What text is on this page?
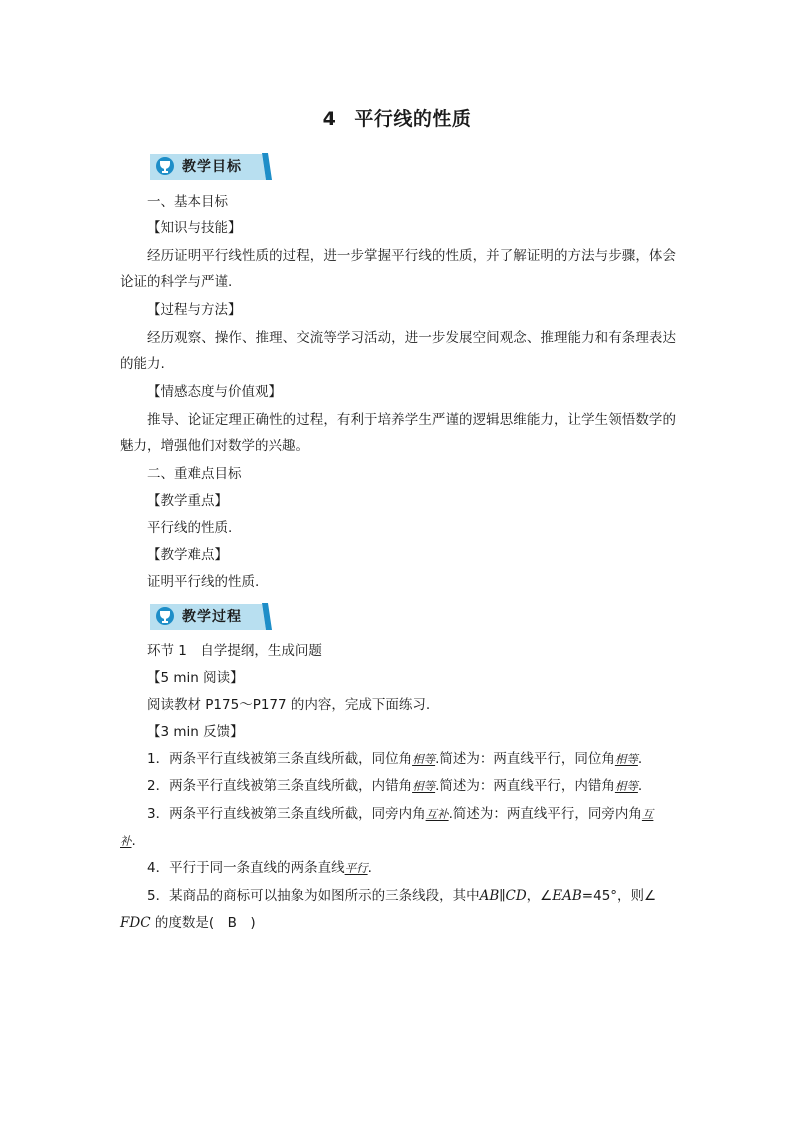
4 平行线的性质
教学目标
一、基本目标
【知识与技能】
经历证明平行线性质的过程，进一步掌握平行线的性质，并了解证明的方法与步骤，体会论证的科学与严谨.
【过程与方法】
经历观察、操作、推理、交流等学习活动，进一步发展空间观念、推理能力和有条理表达的能力.
【情感态度与价值观】
推导、论证定理正确性的过程，有利于培养学生严谨的逻辑思维能力，让学生领悟数学的魅力，增强他们对数学的兴趣。
二、重难点目标
【教学重点】
平行线的性质.
【教学难点】
证明平行线的性质.
教学过程
环节 1　自学提纲，生成问题
【5 min 阅读】
阅读教材 P175～P177 的内容，完成下面练习.
【3 min 反馈】
1．两条平行直线被第三条直线所截，同位角相等.简述为：两直线平行，同位角相等.
2．两条平行直线被第三条直线所截，内错角相等.简述为：两直线平行，内错角相等.
3．两条平行直线被第三条直线所截，同旁内角互补.简述为：两直线平行，同旁内角互
补.
4．平行于同一条直线的两条直线平行.
5．某商品的商标可以抽象为如图所示的三条线段，其中AB∥CD，∠EAB=45°，则∠
FDC 的度数是(　B　)
